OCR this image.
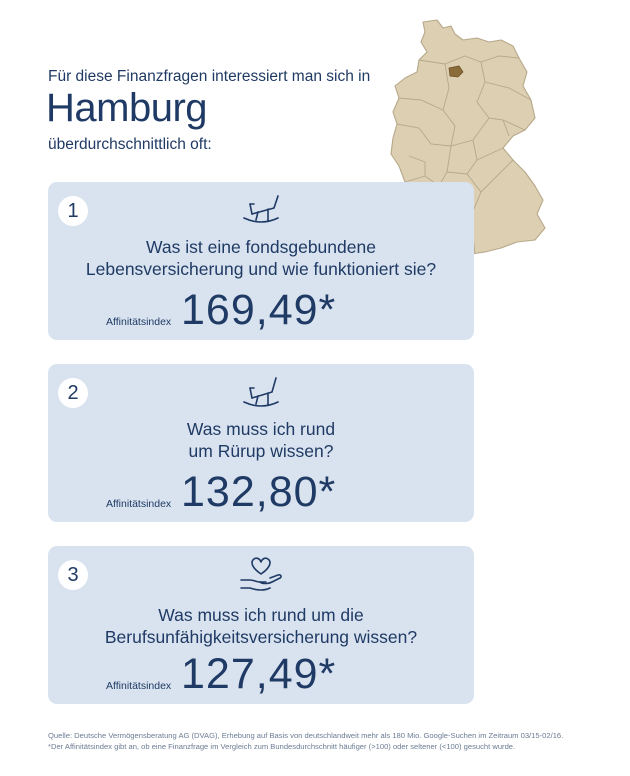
Für diese Finanzfragen interessiert man sich in
Hamburg
überdurchschnittlich oft:
1
Was ist eine fondsgebundene
Lebensversicherung und wie funktioniert sie?
Affinitätsindex 169,49*
2
Was muss ich rund
um Rürup wissen?
Affinitätsindex 132,80*
3
Was muss ich rund um die
Berufsunfähigkeitsversicherung wissen?
Affinitätsindex 127,49*
Quelle: Deutsche Vermögensberatung AG (DVAG), Erhebung auf Basis von deutschlandweit mehr als 180 Mio. Google-Suchen im Zeitraum 03/15-02/16.
*Der Affinitätsindex gibt an, ob eine Finanzfrage im Vergleich zum Bundesdurchschnitt häufiger (>100) oder seltener (<100) gesucht wurde.
